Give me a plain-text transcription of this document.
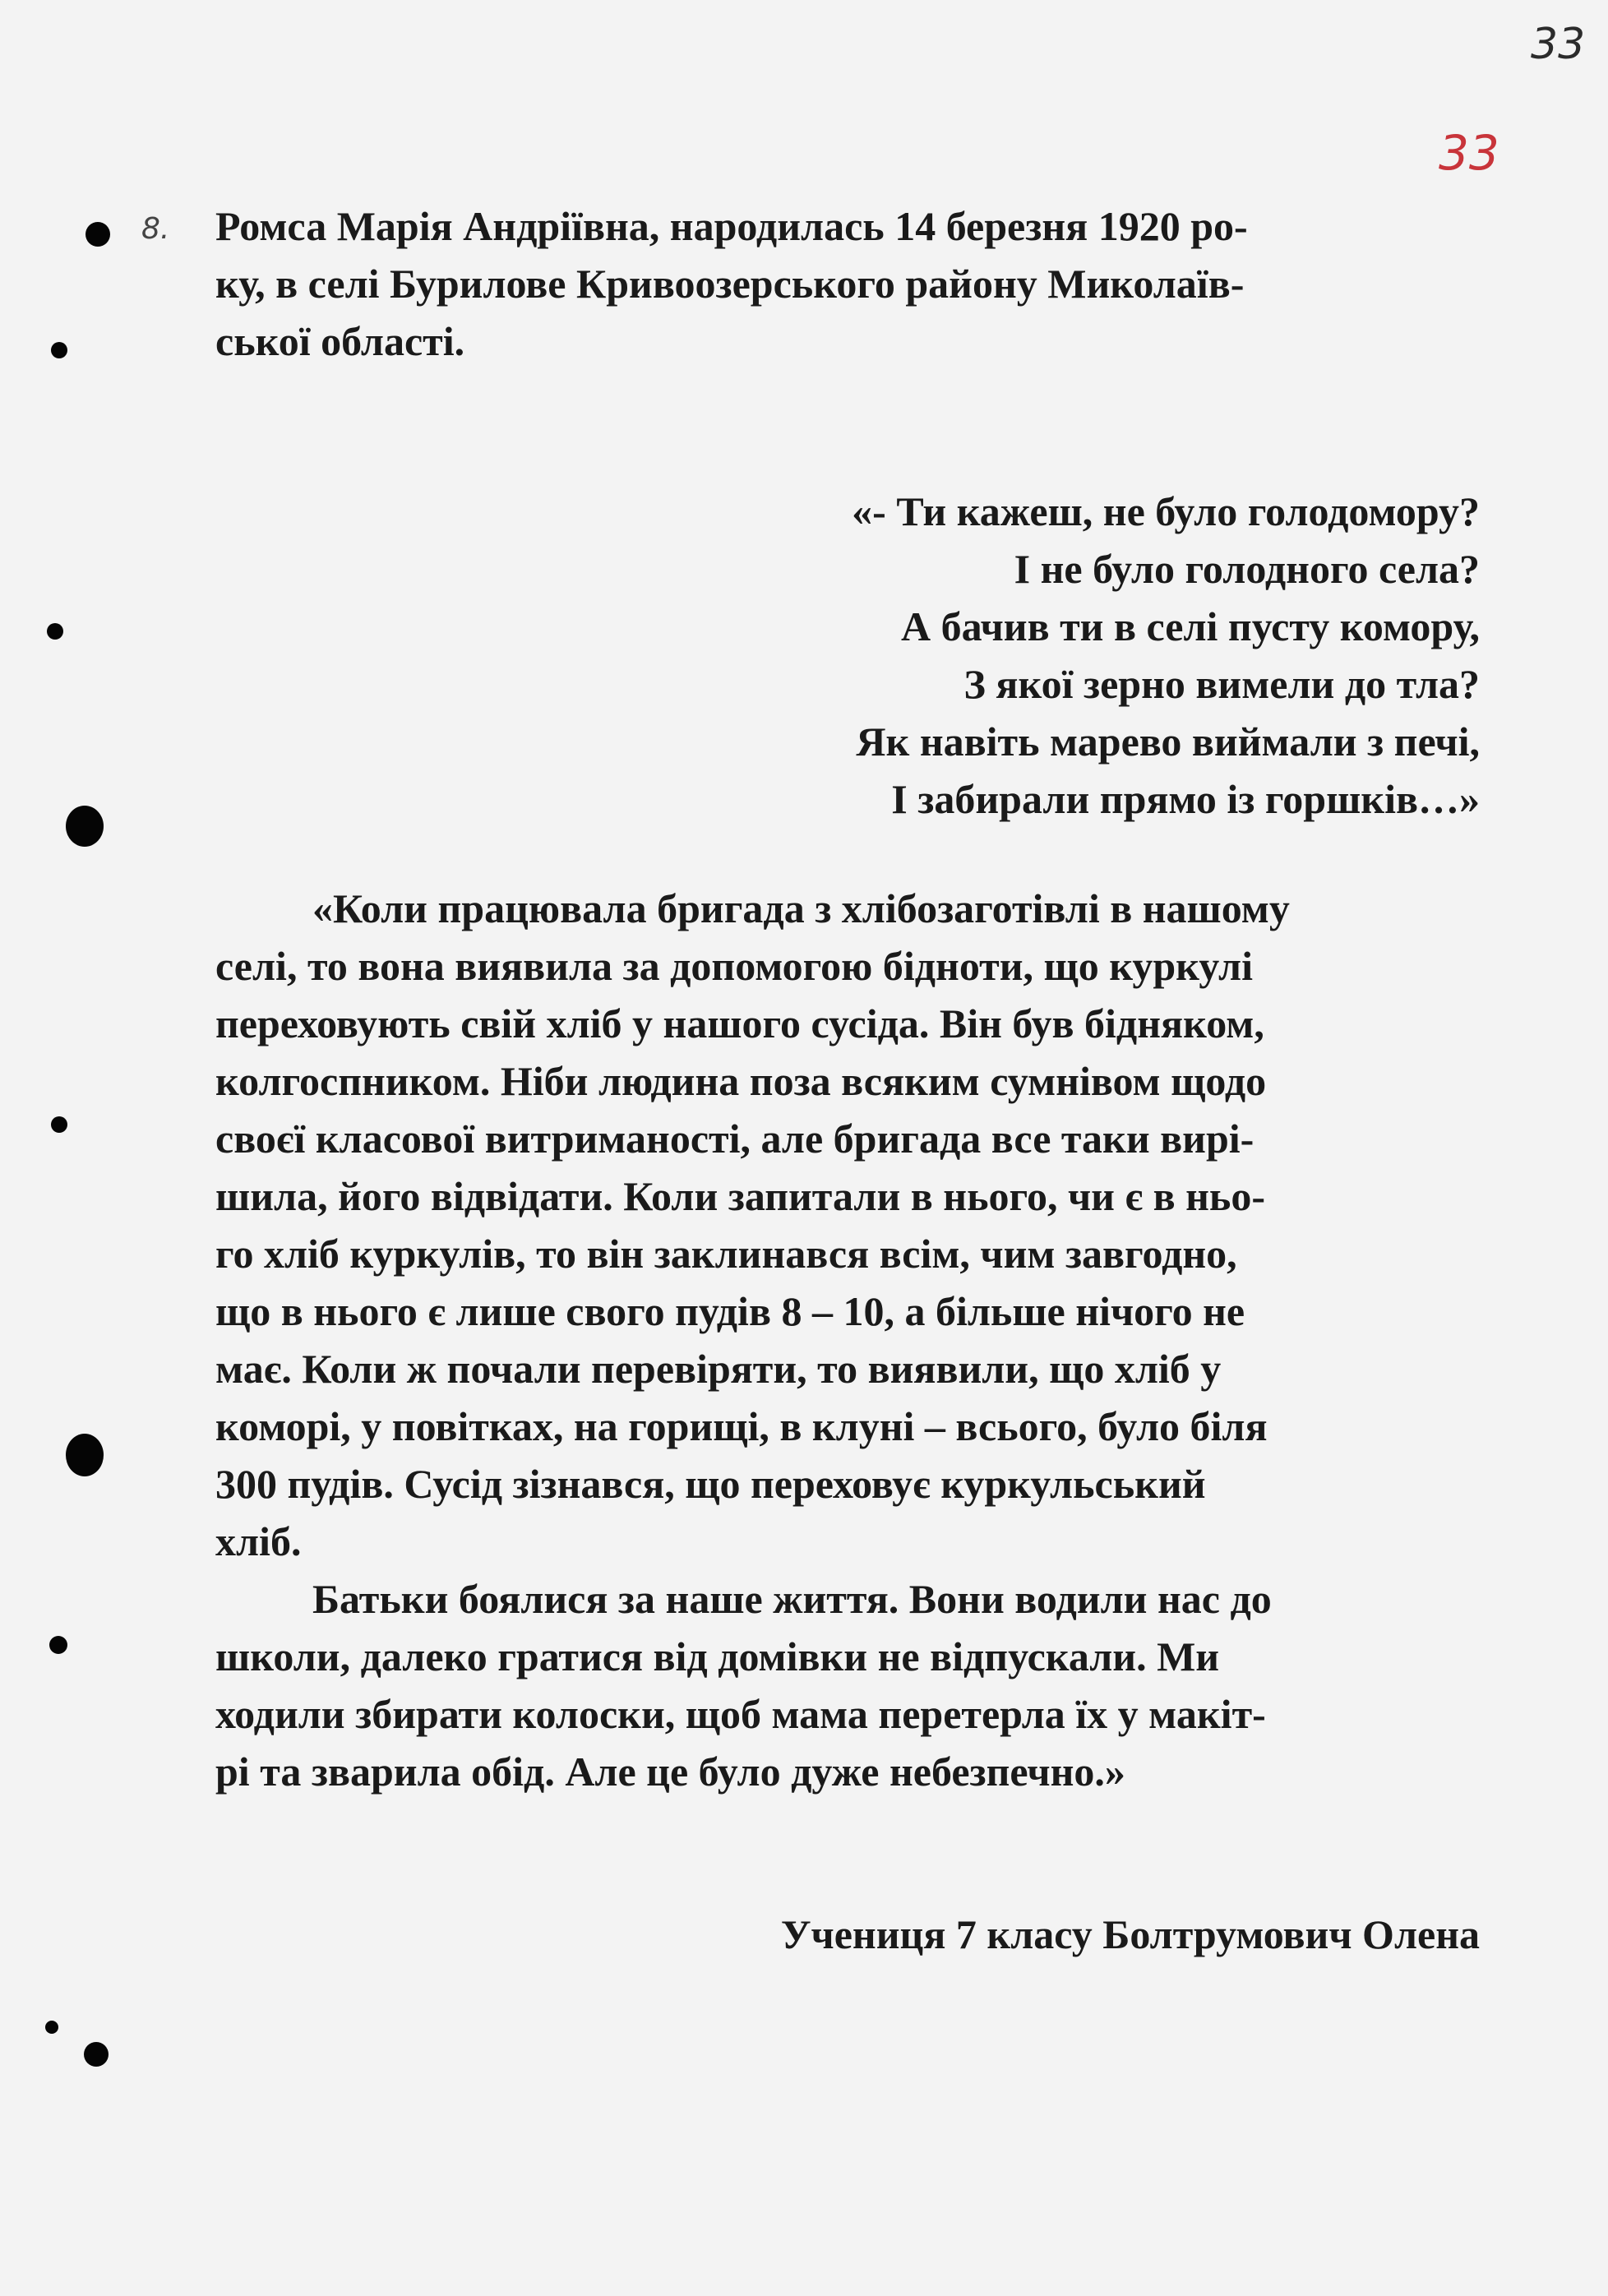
33
33
8. Ромса Марія Андріївна, народилась 14 березня 1920 ро-
ку, в селі Бурилове Кривоозерського району Миколаїв-
ської області.
«- Ти кажеш, не було голодомору?
І не було голодного села?
А бачив ти в селі пусту комору,
З якої зерно вимели до тла?
Як навіть марево виймали з печі,
І забирали прямо із горшків…»
«Коли працювала бригада з хлібозаготівлі в нашому
селі, то вона виявила за допомогою бідноти, що куркулі
переховують свій хліб у нашого сусіда. Він був бідняком,
колгоспником. Ніби людина поза всяким сумнівом щодо
своєї класової витриманості, але бригада все таки вирі-
шила, його відвідати. Коли запитали в нього, чи є в ньо-
го хліб куркулів, то він заклинався всім, чим завгодно,
що в нього є лише свого пудів 8 – 10, а більше нічого не
має. Коли ж почали перевіряти, то виявили, що хліб у
коморі, у повітках, на горищі, в клуні – всього, було біля
300 пудів. Сусід зізнався, що переховує куркульський
хліб.
Батьки боялися за наше життя. Вони водили нас до
школи, далеко гратися від домівки не відпускали. Ми
ходили збирати колоски, щоб мама перетерла їх у макіт-
рі та зварила обід. Але це було дуже небезпечно.»
Учениця 7 класу Болтрумович Олена
